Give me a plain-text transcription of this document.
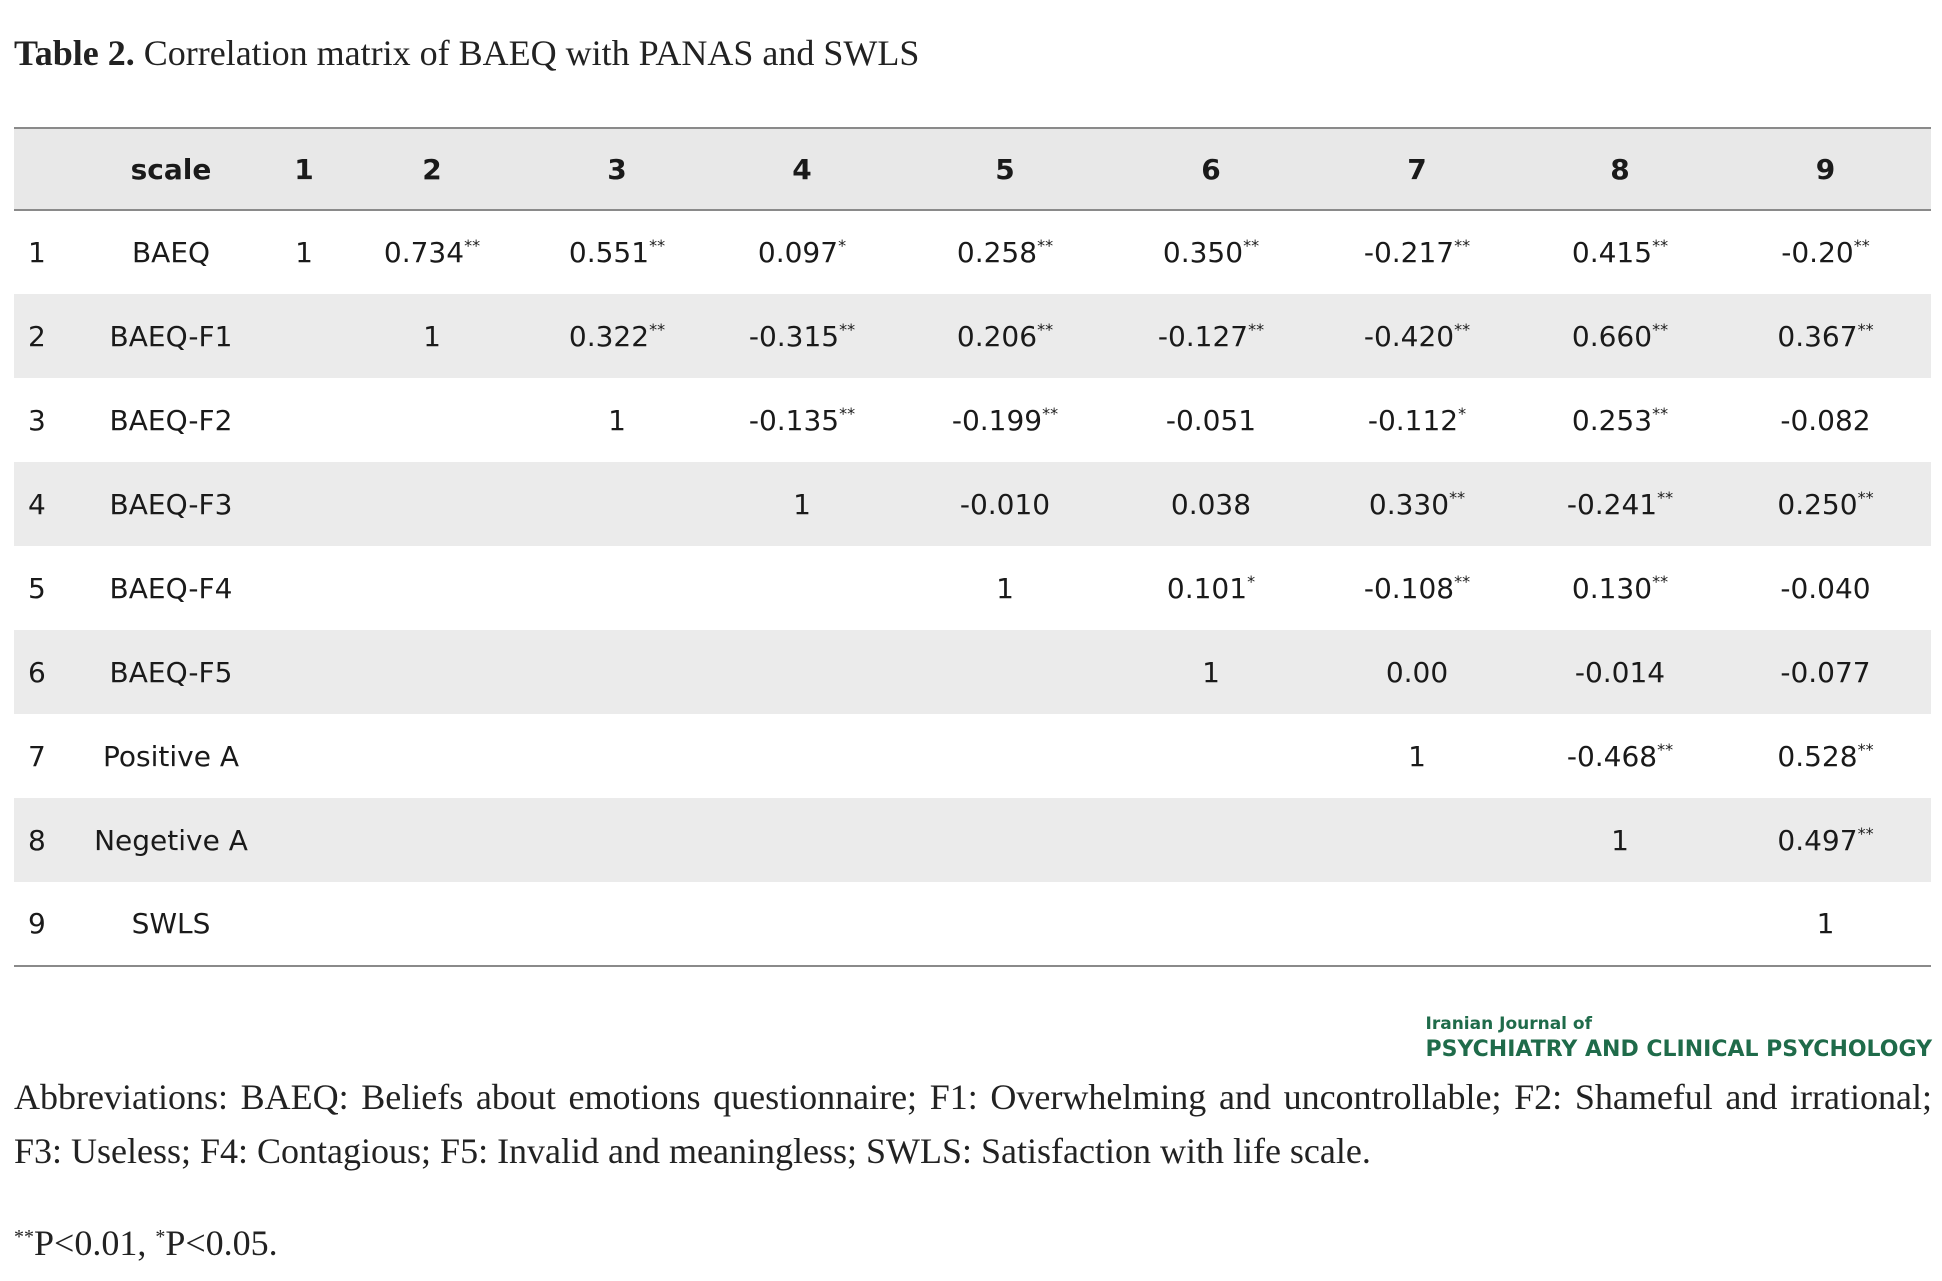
Table 2. Correlation matrix of BAEQ with PANAS and SWLS
	scale	1	2	3	4	5	6	7	8	9
1	BAEQ	1	0.734**	0.551**	0.097*	0.258**	0.350**	-0.217**	0.415**	-0.20**
2	BAEQ-F1		1	0.322**	-0.315**	0.206**	-0.127**	-0.420**	0.660**	0.367**
3	BAEQ-F2			1	-0.135**	-0.199**	-0.051	-0.112*	0.253**	-0.082
4	BAEQ-F3				1	-0.010	0.038	0.330**	-0.241**	0.250**
5	BAEQ-F4					1	0.101*	-0.108**	0.130**	-0.040
6	BAEQ-F5						1	0.00	-0.014	-0.077
7	Positive A							1	-0.468**	0.528**
8	Negetive A								1	0.497**
9	SWLS									1
Iranian Journal of
PSYCHIATRY AND CLINICAL PSYCHOLOGY
Abbreviations: BAEQ: Beliefs about emotions questionnaire; F1: Overwhelming and uncontrollable; F2: Shameful and irrational; F3: Useless; F4: Contagious; F5: Invalid and meaningless; SWLS: Satisfaction with life scale.
**P<0.01, *P<0.05.
